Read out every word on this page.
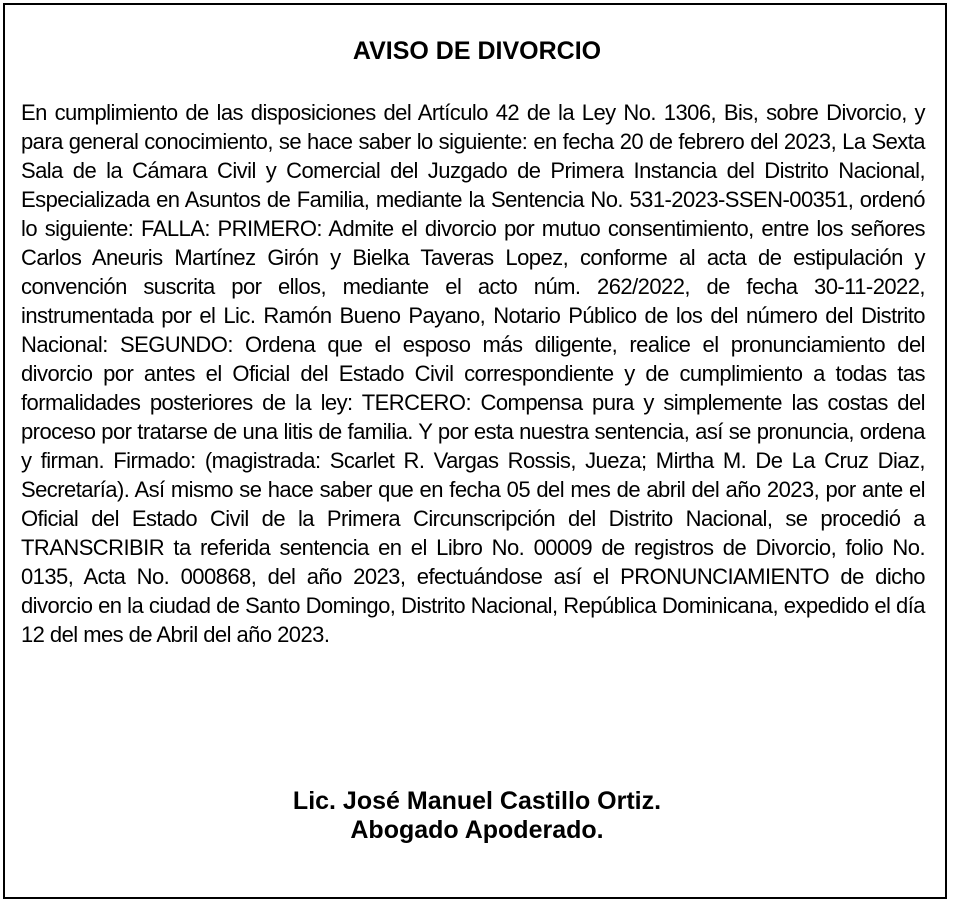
AVISO DE DIVORCIO

En cumplimiento de las disposiciones del Artículo 42 de la Ley No. 1306, Bis, sobre Divorcio, y para general conocimiento, se hace saber lo siguiente: en fecha 20 de febrero del 2023, La Sexta Sala de la Cámara Civil y Comercial del Juzgado de Primera Instancia del Distrito Nacional, Especializada en Asuntos de Familia, mediante la Sentencia No. 531-2023-SSEN-00351, ordenó lo siguiente: FALLA: PRIMERO: Admite el divorcio por mutuo consentimiento, entre los señores Carlos Aneuris Martínez Girón y Bielka Taveras Lopez, conforme al acta de estipulación y convención suscrita por ellos, mediante el acto núm. 262/2022, de fecha 30-11-2022, instrumentada por el Lic. Ramón Bueno Payano, Notario Público de los del número del Distrito Nacional: SEGUNDO: Ordena que el esposo más diligente, realice el pronunciamiento del divorcio por antes el Oficial del Estado Civil correspondiente y de cumplimiento a todas tas formalidades posteriores de la ley: TERCERO: Compensa pura y simplemente las costas del proceso por tratarse de una litis de familia. Y por esta nuestra sentencia, así se pronuncia, ordena y firman. Firmado: (magistrada: Scarlet R. Vargas Rossis, Jueza; Mirtha M. De La Cruz Diaz, Secretaría). Así mismo se hace saber que en fecha 05 del mes de abril del año 2023, por ante el Oficial del Estado Civil de la Primera Circunscripción del Distrito Nacional, se procedió a TRANSCRIBIR ta referida sentencia en el Libro No. 00009 de registros de Divorcio, folio No. 0135, Acta No. 000868, del año 2023, efectuándose así el PRONUNCIAMIENTO de dicho divorcio en la ciudad de Santo Domingo, Distrito Nacional, República Dominicana, expedido el día 12 del mes de Abril del año 2023.

Lic. José Manuel Castillo Ortiz.
Abogado Apoderado.
